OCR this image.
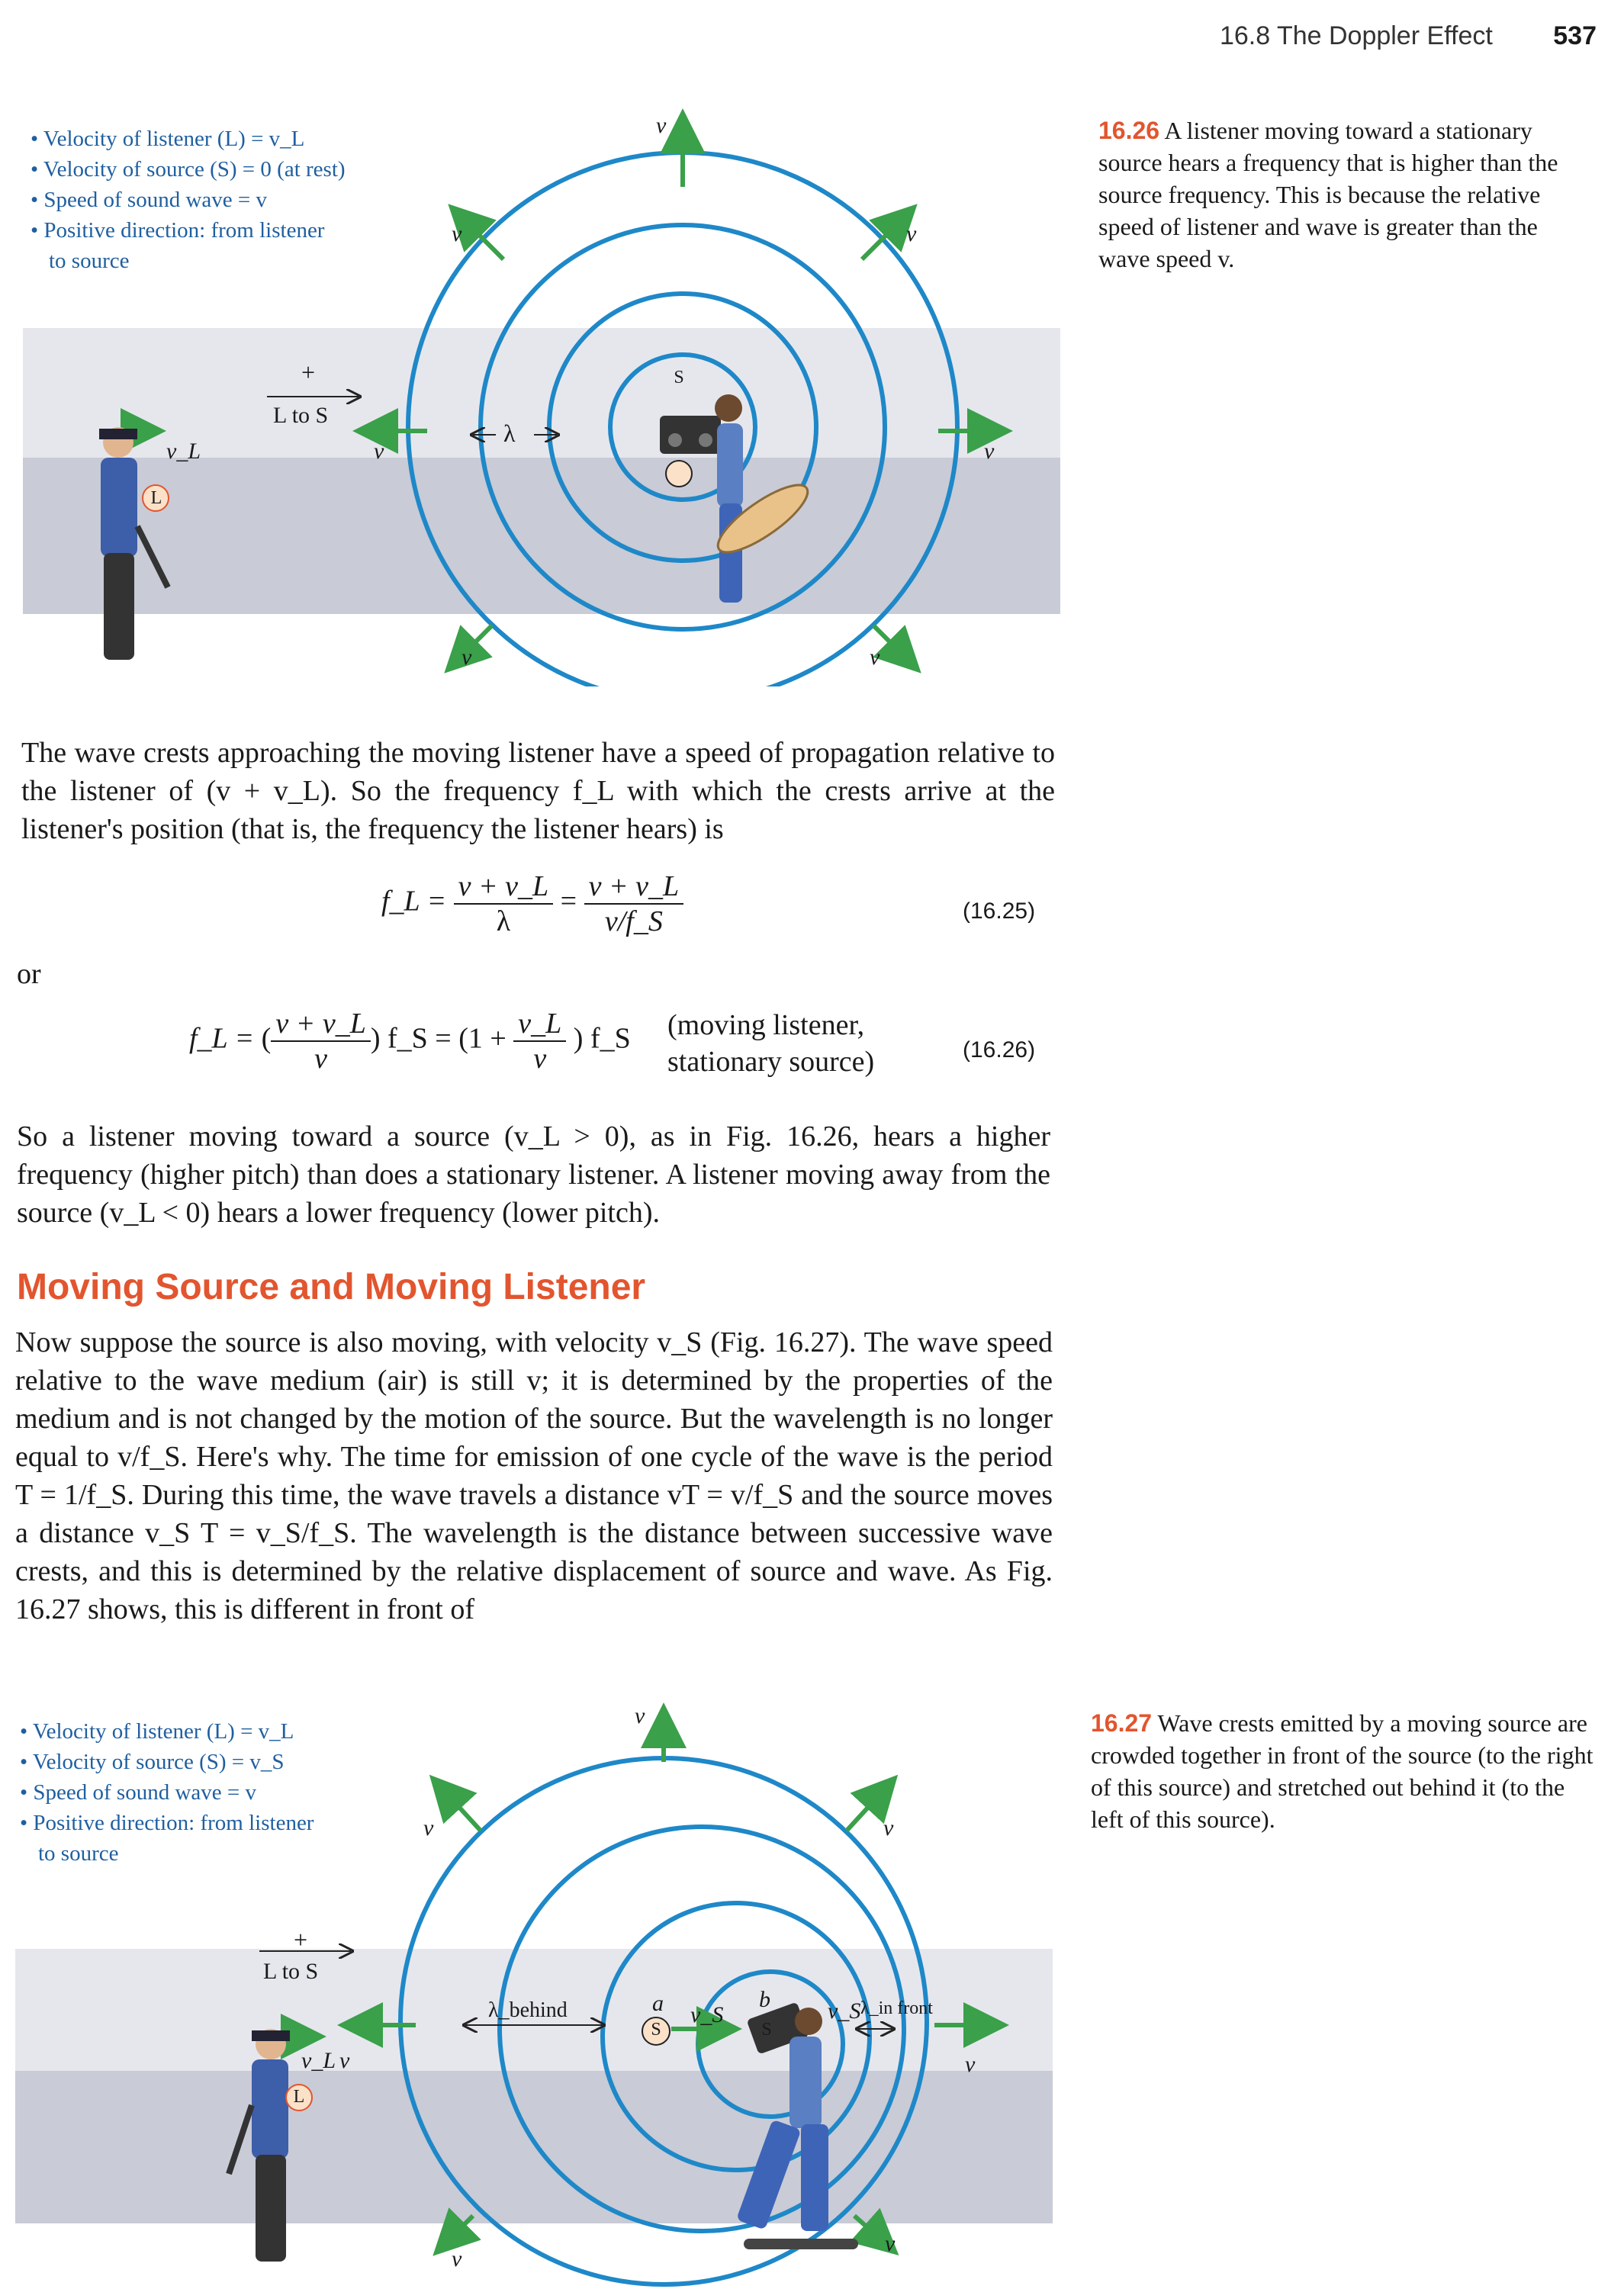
16.8 The Doppler Effect 537
• Velocity of listener (L) = v_L
• Velocity of source (S) = 0 (at rest)
• Speed of sound wave = v
• Positive direction: from listener
to source
S
L
+
L to S
λ
v_L
v
v	v
v	v
v	v
16.26 A listener moving toward a stationary source hears a frequency that is higher than the source frequency. This is because the relative speed of listener and wave is greater than the wave speed v.
The wave crests approaching the moving listener have a speed of propagation relative to the listener of (v + v_L). So the frequency f_L with which the crests arrive at the listener's position (that is, the frequency the listener hears) is
f_L = $\frac{v + v\_L}{\lambda} = \frac{v + v\_L}{v/f\_S}$	(16.25)
or
f_L = ( $\frac{v + v\_L}{v}$ ) f_S = ($1 + \frac{v\_L}{v}$ ) f_S (moving listener,
stationary source)	(16.26)
So a listener moving toward a source (v_L > 0), as in Fig. 16.26, hears a higher frequency (higher pitch) than does a stationary listener. A listener moving away from the source (v_L < 0) hears a lower frequency (lower pitch).
Moving Source and Moving Listener
Now suppose the source is also moving, with velocity v_S (Fig. 16.27). The wave speed relative to the wave medium (air) is still v; it is determined by the properties of the medium and is not changed by the motion of the source. But the wavelength is no longer equal to v/f_S. Here's why. The time for emission of one cycle of the wave is the period T = 1/f_S. During this time, the wave travels a distance vT = v/f_S and the source moves a distance v_S T = v_S/f_S. The wavelength is the distance between successive wave crests, and this is determined by the relative displacement of source and wave. As Fig. 16.27 shows, this is different in front of
• Velocity of listener (L) = v_L
• Velocity of source (S) = v_S
• Speed of sound wave = v
• Positive direction: from listener
to source
S	S
L
+
L to S
λ_behind	λ_in front
a	b
v_S	v_S
v_L v
v
v	v
v
v
v
16.27 Wave crests emitted by a moving source are crowded together in front of the source (to the right of this source) and stretched out behind it (to the left of this source).
